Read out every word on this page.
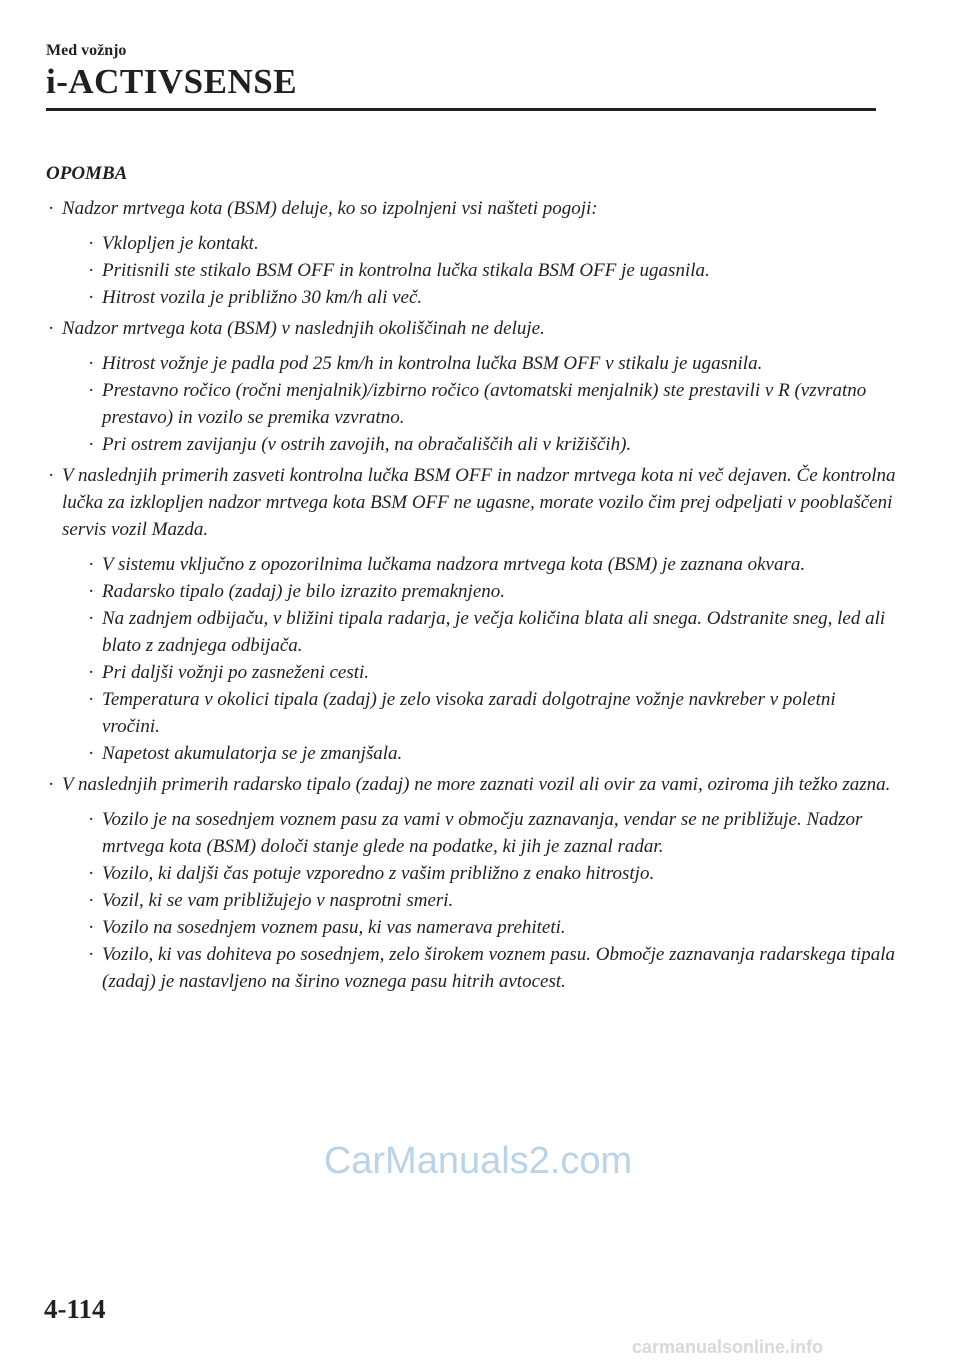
Med vožnjo
i-ACTIVSENSE
OPOMBA
· Nadzor mrtvega kota (BSM) deluje, ko so izpolnjeni vsi našteti pogoji:
· Vklopljen je kontakt.
· Pritisnili ste stikalo BSM OFF in kontrolna lučka stikala BSM OFF je ugasnila.
· Hitrost vozila je približno 30 km/h ali več.
· Nadzor mrtvega kota (BSM) v naslednjih okoliščinah ne deluje.
· Hitrost vožnje je padla pod 25 km/h in kontrolna lučka BSM OFF v stikalu je ugasnila.
· Prestavno ročico (ročni menjalnik)/izbirno ročico (avtomatski menjalnik) ste prestavili v R (vzvratno prestavo) in vozilo se premika vzvratno.
· Pri ostrem zavijanju (v ostrih zavojih, na obračališčih ali v križiščih).
· V naslednjih primerih zasveti kontrolna lučka BSM OFF in nadzor mrtvega kota ni več dejaven. Če kontrolna lučka za izklopljen nadzor mrtvega kota BSM OFF ne ugasne, morate vozilo čim prej odpeljati v pooblaščeni servis vozil Mazda.
· V sistemu vključno z opozorilnima lučkama nadzora mrtvega kota (BSM) je zaznana okvara.
· Radarsko tipalo (zadaj) je bilo izrazito premaknjeno.
· Na zadnjem odbijaču, v bližini tipala radarja, je večja količina blata ali snega. Odstranite sneg, led ali blato z zadnjega odbijača.
· Pri daljši vožnji po zasneženi cesti.
· Temperatura v okolici tipala (zadaj) je zelo visoka zaradi dolgotrajne vožnje navkreber v poletni vročini.
· Napetost akumulatorja se je zmanjšala.
· V naslednjih primerih radarsko tipalo (zadaj) ne more zaznati vozil ali ovir za vami, oziroma jih težko zazna.
· Vozilo je na sosednjem voznem pasu za vami v območju zaznavanja, vendar se ne približuje. Nadzor mrtvega kota (BSM) določi stanje glede na podatke, ki jih je zaznal radar.
· Vozilo, ki daljši čas potuje vzporedno z vašim približno z enako hitrostjo.
· Vozil, ki se vam približujejo v nasprotni smeri.
· Vozilo na sosednjem voznem pasu, ki vas namerava prehiteti.
· Vozilo, ki vas dohiteva po sosednjem, zelo širokem voznem pasu. Območje zaznavanja radarskega tipala (zadaj) je nastavljeno na širino voznega pasu hitrih avtocest.
CarManuals2.com
4-114
carmanualsonline.info
